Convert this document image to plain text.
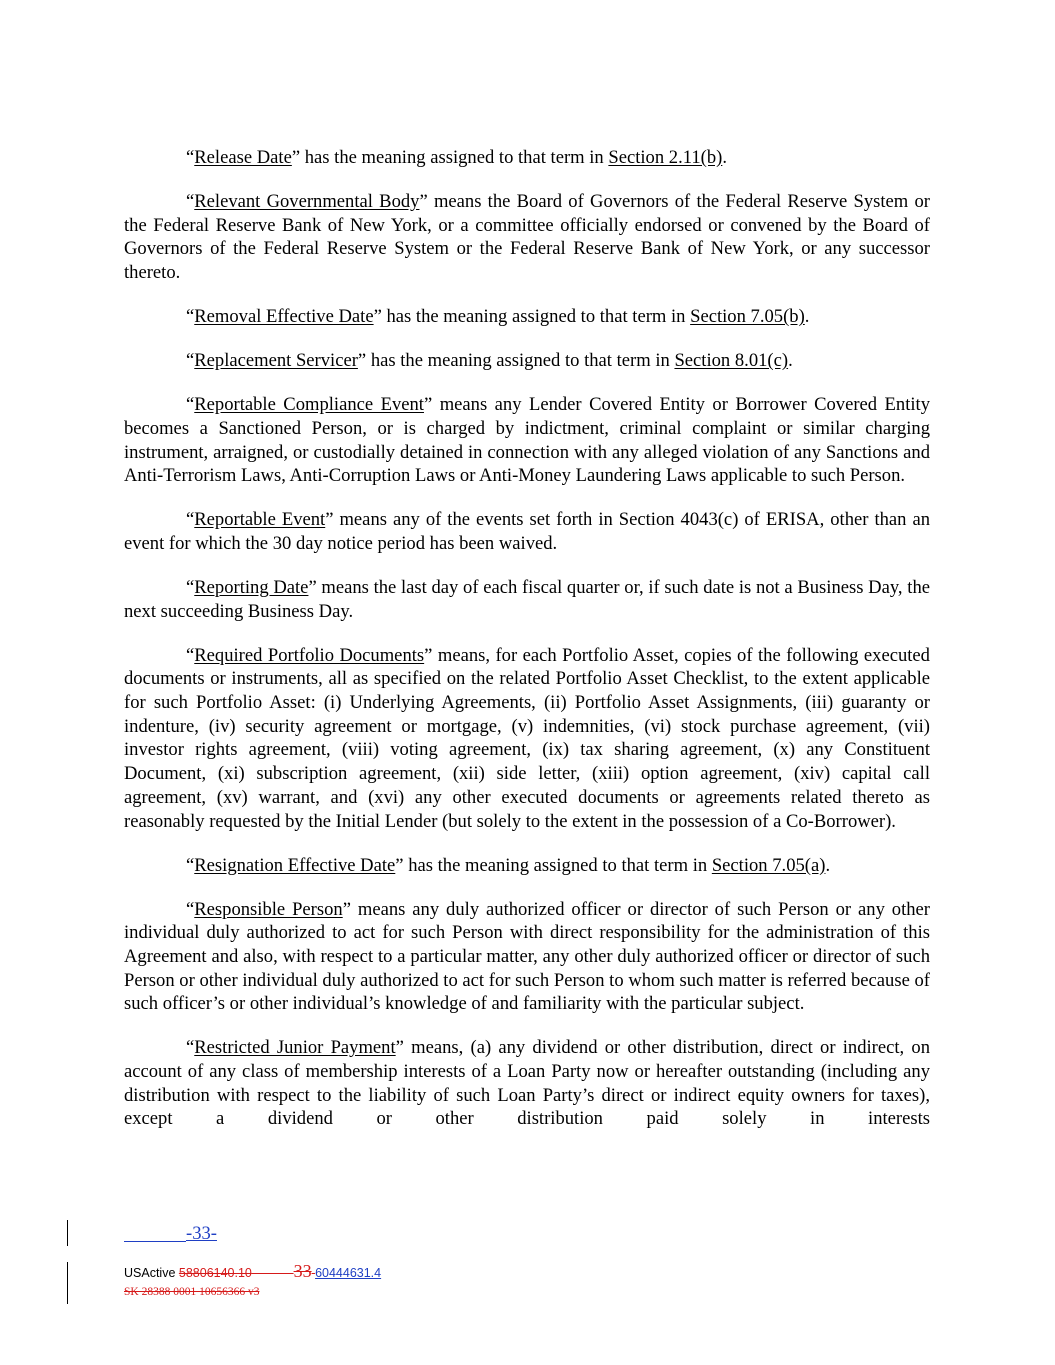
“Release Date” has the meaning assigned to that term in Section 2.11(b).

“Relevant Governmental Body” means the Board of Governors of the Federal Reserve System or the Federal Reserve Bank of New York, or a committee officially endorsed or convened by the Board of Governors of the Federal Reserve System or the Federal Reserve Bank of New York, or any successor thereto.

“Removal Effective Date” has the meaning assigned to that term in Section 7.05(b).

“Replacement Servicer” has the meaning assigned to that term in Section 8.01(c).

“Reportable Compliance Event” means any Lender Covered Entity or Borrower Covered Entity becomes a Sanctioned Person, or is charged by indictment, criminal complaint or similar charging instrument, arraigned, or custodially detained in connection with any alleged violation of any Sanctions and Anti-Terrorism Laws, Anti-Corruption Laws or Anti-Money Laundering Laws applicable to such Person.

“Reportable Event” means any of the events set forth in Section 4043(c) of ERISA, other than an event for which the 30 day notice period has been waived.

“Reporting Date” means the last day of each fiscal quarter or, if such date is not a Business Day, the next succeeding Business Day.

“Required Portfolio Documents” means, for each Portfolio Asset, copies of the following executed documents or instruments, all as specified on the related Portfolio Asset Checklist, to the extent applicable for such Portfolio Asset: (i) Underlying Agreements, (ii) Portfolio Asset Assignments, (iii) guaranty or indenture, (iv) security agreement or mortgage, (v) indemnities, (vi) stock purchase agreement, (vii) investor rights agreement, (viii) voting agreement, (ix) tax sharing agreement, (x) any Constituent Document, (xi) subscription agreement, (xii) side letter, (xiii) option agreement, (xiv) capital call agreement, (xv) warrant, and (xvi) any other executed documents or agreements related thereto as reasonably requested by the Initial Lender (but solely to the extent in the possession of a Co-Borrower).

“Resignation Effective Date” has the meaning assigned to that term in Section 7.05(a).

“Responsible Person” means any duly authorized officer or director of such Person or any other individual duly authorized to act for such Person with direct responsibility for the administration of this Agreement and also, with respect to a particular matter, any other duly authorized officer or director of such Person or other individual duly authorized to act for such Person to whom such matter is referred because of such officer’s or other individual’s knowledge of and familiarity with the particular subject.

“Restricted Junior Payment” means, (a) any dividend or other distribution, direct or indirect, on account of any class of membership interests of a Loan Party now or hereafter outstanding (including any distribution with respect to the liability of such Loan Party’s direct or indirect equity owners for taxes), except a dividend or other distribution paid solely in interests

-33-
USActive 58806140.10 33 60444631.4
SK 28388 0001 10656366 v3
